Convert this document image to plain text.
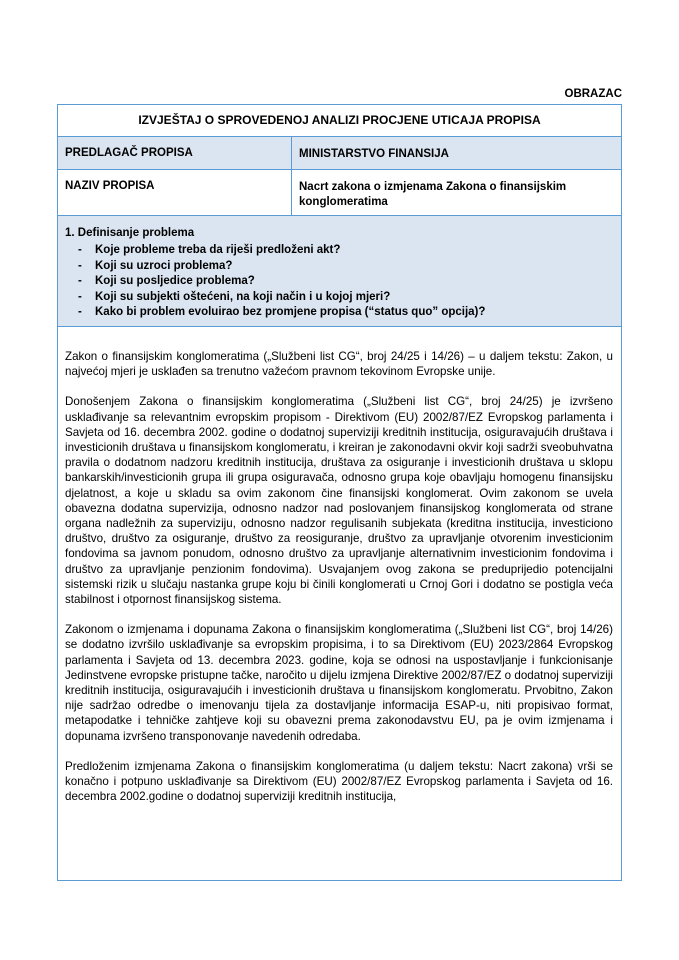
OBRAZAC
IZVJEŠTAJ O SPROVEDENOJ ANALIZI PROCJENE UTICAJA PROPISA
PREDLAGAČ PROPISA	MINISTARSTVO FINANSIJA
NAZIV PROPISA	Nacrt zakona o izmjenama Zakona o finansijskim konglomeratima
1. Definisanje problema
- Koje probleme treba da riješi predloženi akt?
- Koji su uzroci problema?
- Koji su posljedice problema?
- Koji su subjekti oštećeni, na koji način i u kojoj mjeri?
- Kako bi problem evoluirao bez promjene propisa (“status quo” opcija)?

Zakon o finansijskim konglomeratima („Službeni list CG“, broj 24/25 i 14/26) – u daljem tekstu: Zakon, u najvećoj mjeri je usklađen sa trenutno važećom pravnom tekovinom Evropske unije.

Donošenjem Zakona o finansijskim konglomeratima („Službeni list CG“, broj 24/25) je izvršeno usklađivanje sa relevantnim evropskim propisom - Direktivom (EU) 2002/87/EZ Evropskog parlamenta i Savjeta od 16. decembra 2002. godine o dodatnoj superviziji kreditnih institucija, osiguravajućih društava i investicionih društava u finansijskom konglomeratu, i kreiran je zakonodavni okvir koji sadrži sveobuhvatna pravila o dodatnom nadzoru kreditnih institucija, društava za osiguranje i investicionih društava u sklopu bankarskih/investicionih grupa ili grupa osiguravača, odnosno grupa koje obavljaju homogenu finansijsku djelatnost, a koje u skladu sa ovim zakonom čine finansijski konglomerat. Ovim zakonom se uvela obavezna dodatna supervizija, odnosno nadzor nad poslovanjem finansijskog konglomerata od strane organa nadležnih za superviziju, odnosno nadzor regulisanih subjekata (kreditna institucija, investiciono društvo, društvo za osiguranje, društvo za reosiguranje, društvo za upravljanje otvorenim investicionim fondovima sa javnom ponudom, odnosno društvo za upravljanje alternativnim investicionim fondovima i društvo za upravljanje penzionim fondovima). Usvajanjem ovog zakona se preduprijedio potencijalni sistemski rizik u slučaju nastanka grupe koju bi činili konglomerati u Crnoj Gori i dodatno se postigla veća stabilnost i otpornost finansijskog sistema.

Zakonom o izmjenama i dopunama Zakona o finansijskim konglomeratima („Službeni list CG“, broj 14/26) se dodatno izvršilo usklađivanje sa evropskim propisima, i to sa Direktivom (EU) 2023/2864 Evropskog parlamenta i Savjeta od 13. decembra 2023. godine, koja se odnosi na uspostavljanje i funkcionisanje Jedinstvene evropske pristupne tačke, naročito u dijelu izmjena Direktive 2002/87/EZ o dodatnoj superviziji kreditnih institucija, osiguravajućih i investicionih društava u finansijskom konglomeratu. Prvobitno, Zakon nije sadržao odredbe o imenovanju tijela za dostavljanje informacija ESAP-u, niti propisivao format, metapodatke i tehničke zahtjeve koji su obavezni prema zakonodavstvu EU, pa je ovim izmjenama i dopunama izvršeno transponovanje navedenih odredaba.

Predloženim izmjenama Zakona o finansijskim konglomeratima (u daljem tekstu: Nacrt zakona) vrši se konačno i potpuno usklađivanje sa Direktivom (EU) 2002/87/EZ Evropskog parlamenta i Savjeta od 16. decembra 2002.godine o dodatnoj superviziji kreditnih institucija,
